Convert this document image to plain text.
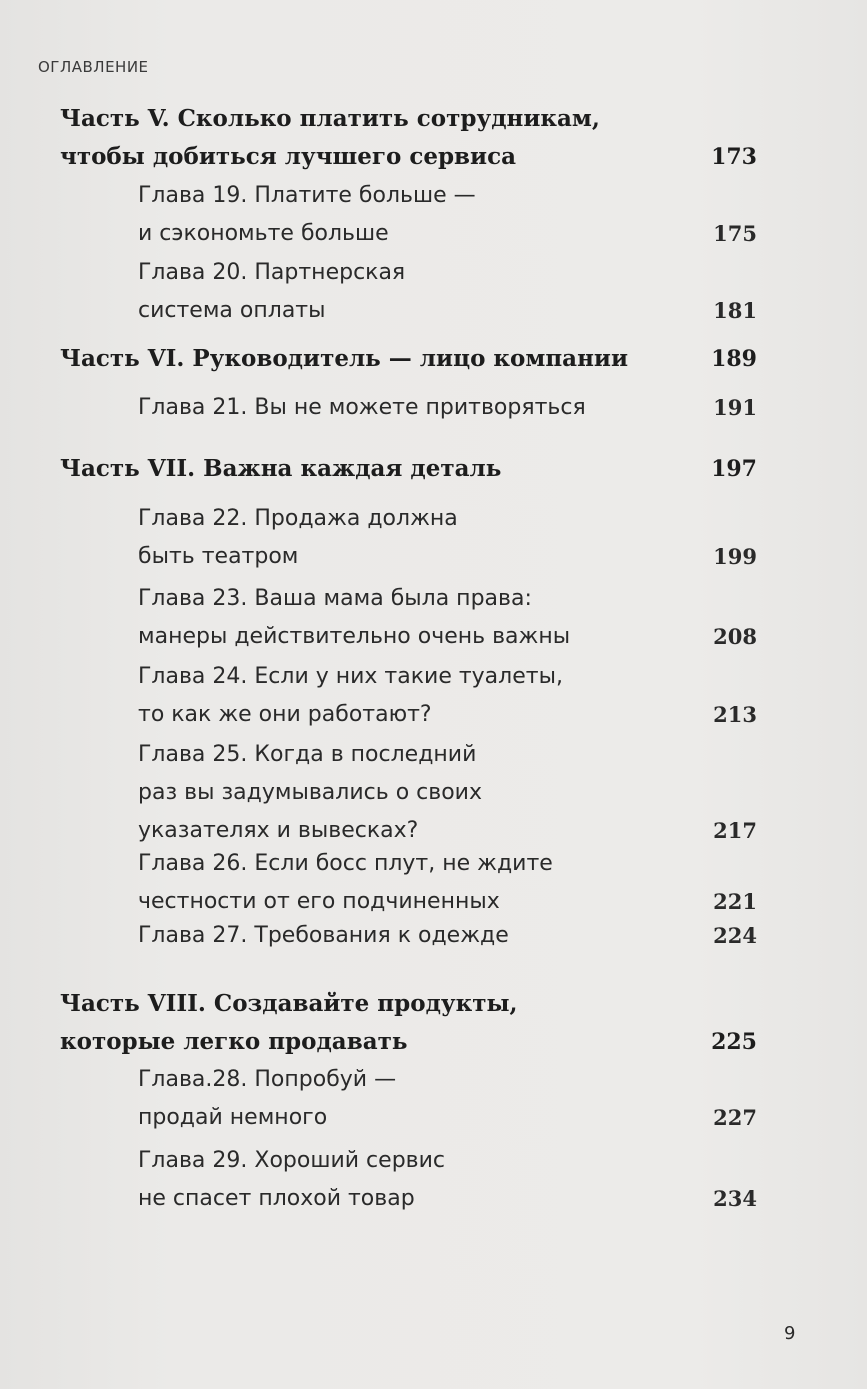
ОГЛАВЛЕНИЕ
Часть V. Сколько платить сотрудникам,
чтобы добиться лучшего сервиса	173
Глава 19. Платите больше —
и сэкономьте больше	175
Глава 20. Партнерская
система оплаты	181
Часть VI. Руководитель — лицо компании	189
Глава 21. Вы не можете притворяться	191
Часть VII. Важна каждая деталь	197
Глава 22. Продажа должна
быть театром	199
Глава 23. Ваша мама была права:
манеры действительно очень важны	208
Глава 24. Если у них такие туалеты,
то как же они работают?	213
Глава 25. Когда в последний
раз вы задумывались о своих
указателях и вывесках?	217
Глава 26. Если босс плут, не ждите
честности от его подчиненных	221
Глава 27. Требования к одежде	224
Часть VIII. Создавайте продукты,
которые легко продавать	225
Глава.28. Попробуй —
продай немного	227
Глава 29. Хороший сервис
не спасет плохой товар	234
9
